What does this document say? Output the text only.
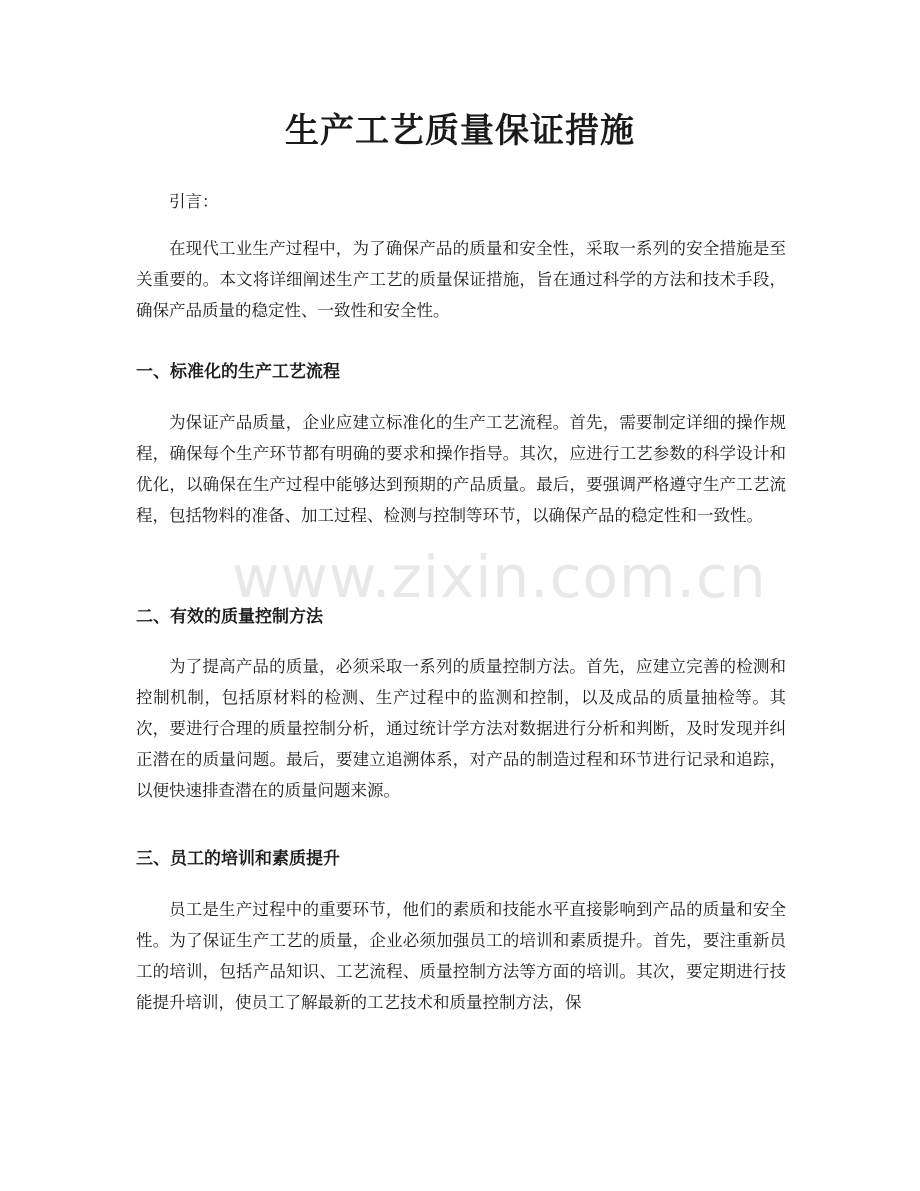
生产工艺质量保证措施
引言：

在现代工业生产过程中，为了确保产品的质量和安全性，采取一系列的安全措施是至关重要的。本文将详细阐述生产工艺的质量保证措施，旨在通过科学的方法和技术手段，确保产品质量的稳定性、一致性和安全性。

一、标准化的生产工艺流程

为保证产品质量，企业应建立标准化的生产工艺流程。首先，需要制定详细的操作规程，确保每个生产环节都有明确的要求和操作指导。其次，应进行工艺参数的科学设计和优化，以确保在生产过程中能够达到预期的产品质量。最后，要强调严格遵守生产工艺流程，包括物料的准备、加工过程、检测与控制等环节，以确保产品的稳定性和一致性。

二、有效的质量控制方法

为了提高产品的质量，必须采取一系列的质量控制方法。首先，应建立完善的检测和控制机制，包括原材料的检测、生产过程中的监测和控制，以及成品的质量抽检等。其次，要进行合理的质量控制分析，通过统计学方法对数据进行分析和判断，及时发现并纠正潜在的质量问题。最后，要建立追溯体系，对产品的制造过程和环节进行记录和追踪，以便快速排查潜在的质量问题来源。

三、员工的培训和素质提升

员工是生产过程中的重要环节，他们的素质和技能水平直接影响到产品的质量和安全性。为了保证生产工艺的质量，企业必须加强员工的培训和素质提升。首先，要注重新员工的培训，包括产品知识、工艺流程、质量控制方法等方面的培训。其次，要定期进行技能提升培训，使员工了解最新的工艺技术和质量控制方法，保

www.zixin.com.cn
